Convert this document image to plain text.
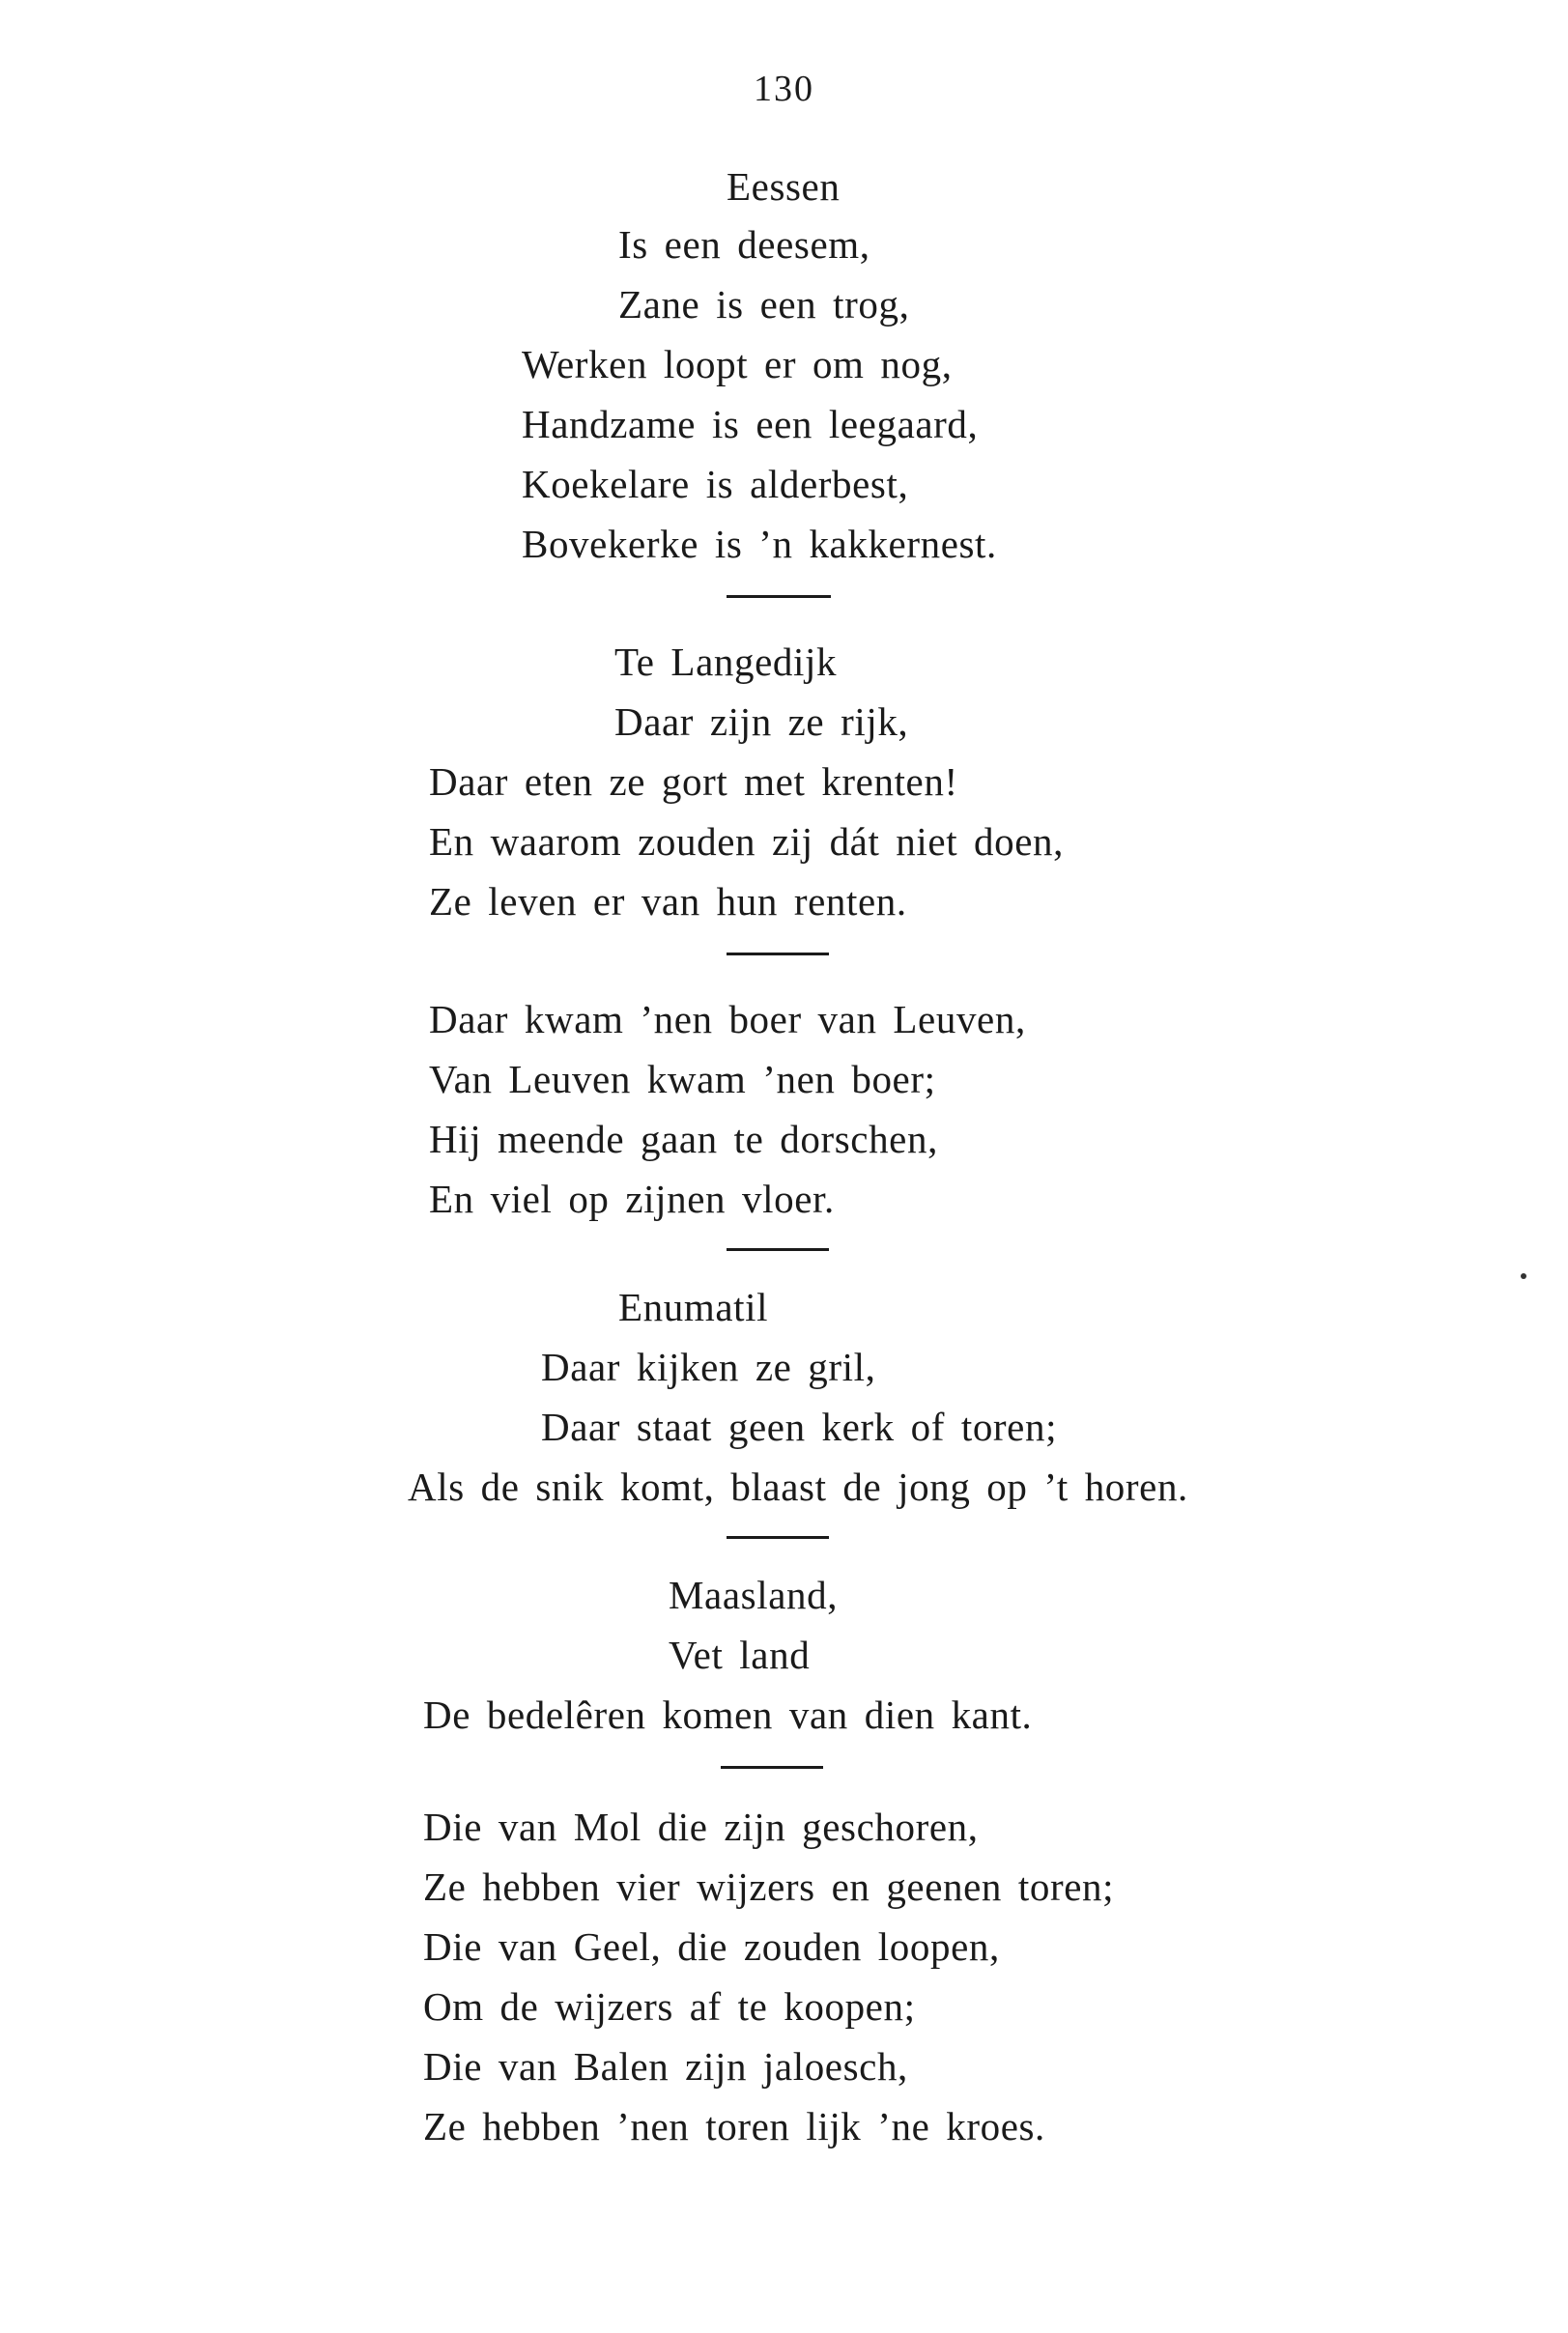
130
Eessen
Is een deesem,
Zane is een trog,
Werken loopt er om nog,
Handzame is een leegaard,
Koekelare is alderbest,
Bovekerke is ’n kakkernest.
Te Langedijk
Daar zijn ze rijk,
Daar eten ze gort met krenten!
En waarom zouden zij dát niet doen,
Ze leven er van hun renten.
Daar kwam ’nen boer van Leuven,
Van Leuven kwam ’nen boer;
Hij meende gaan te dorschen,
En viel op zijnen vloer.
Enumatil
Daar kijken ze gril,
Daar staat geen kerk of toren;
Als de snik komt, blaast de jong op ’t horen.
Maasland,
Vet land
De bedelêren komen van dien kant.
Die van Mol die zijn geschoren,
Ze hebben vier wijzers en geenen toren;
Die van Geel, die zouden loopen,
Om de wijzers af te koopen;
Die van Balen zijn jaloesch,
Ze hebben ’nen toren lijk ’ne kroes.
